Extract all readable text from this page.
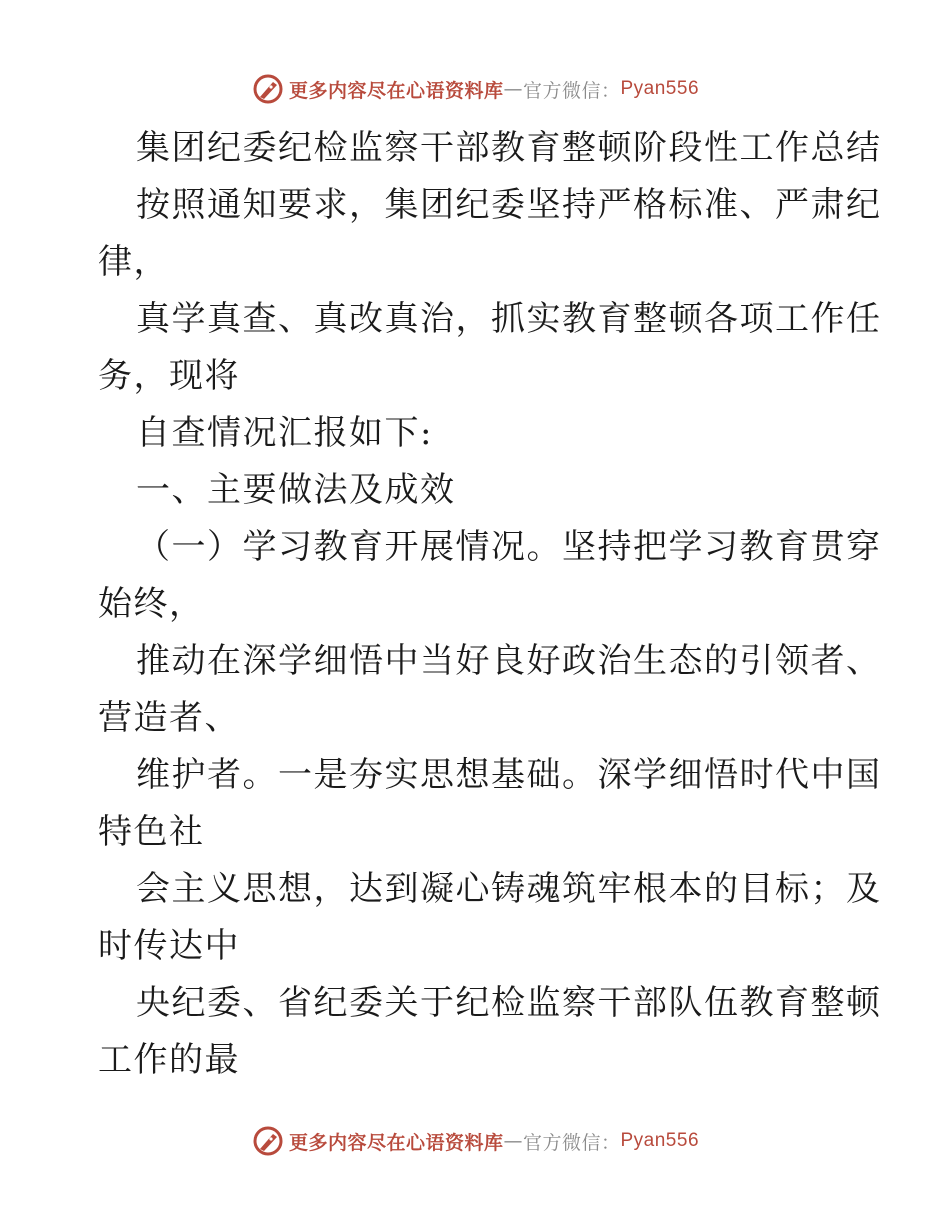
更多内容尽在心语资料库 — 官方微信： Pyan556
集团纪委纪检监察干部教育整顿阶段性工作总结
按照通知要求，集团纪委坚持严格标准、严肃纪
律，
真学真查、真改真治，抓实教育整顿各项工作任
务，现将
自查情况汇报如下:
一、主要做法及成效
（一）学习教育开展情况。坚持把学习教育贯穿
始终，
推动在深学细悟中当好良好政治生态的引领者、
营造者、
维护者。一是夯实思想基础。深学细悟时代中国
特色社
会主义思想，达到凝心铸魂筑牢根本的目标；及
时传达中
央纪委、省纪委关于纪检监察干部队伍教育整顿
工作的最
更多内容尽在心语资料库 — 官方微信： Pyan556
